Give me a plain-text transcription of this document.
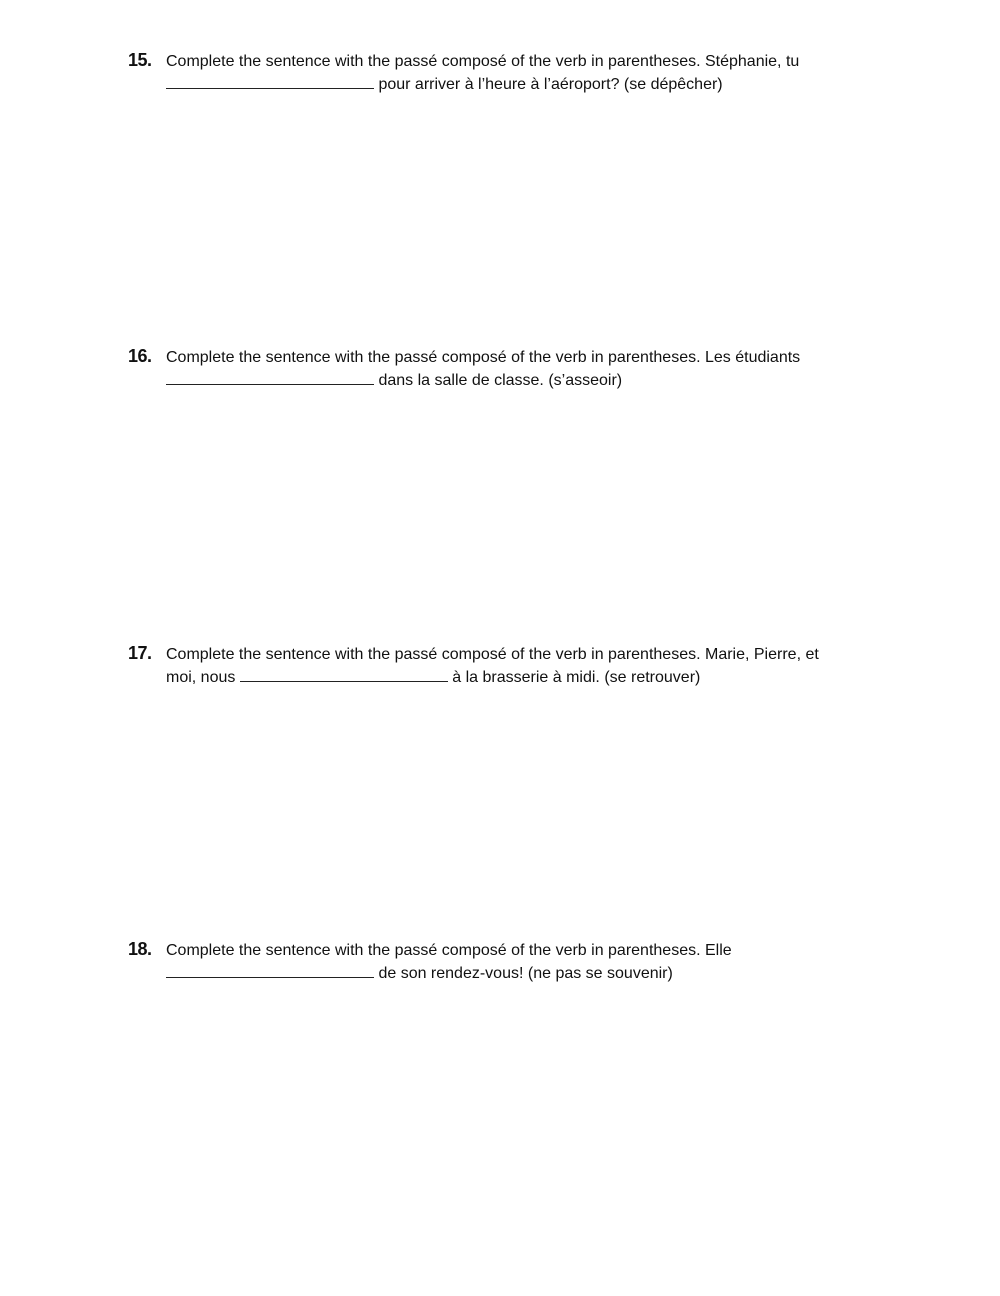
15. Complete the sentence with the passé composé of the verb in parentheses. Stéphanie, tu
pour arriver à l’heure à l’aéroport? (se dépêcher)
16. Complete the sentence with the passé composé of the verb in parentheses. Les étudiants
dans la salle de classe. (s’asseoir)
17. Complete the sentence with the passé composé of the verb in parentheses. Marie, Pierre, et
moi, nous	à la brasserie à midi. (se retrouver)
18. Complete the sentence with the passé composé of the verb in parentheses. Elle
de son rendez-vous! (ne pas se souvenir)
